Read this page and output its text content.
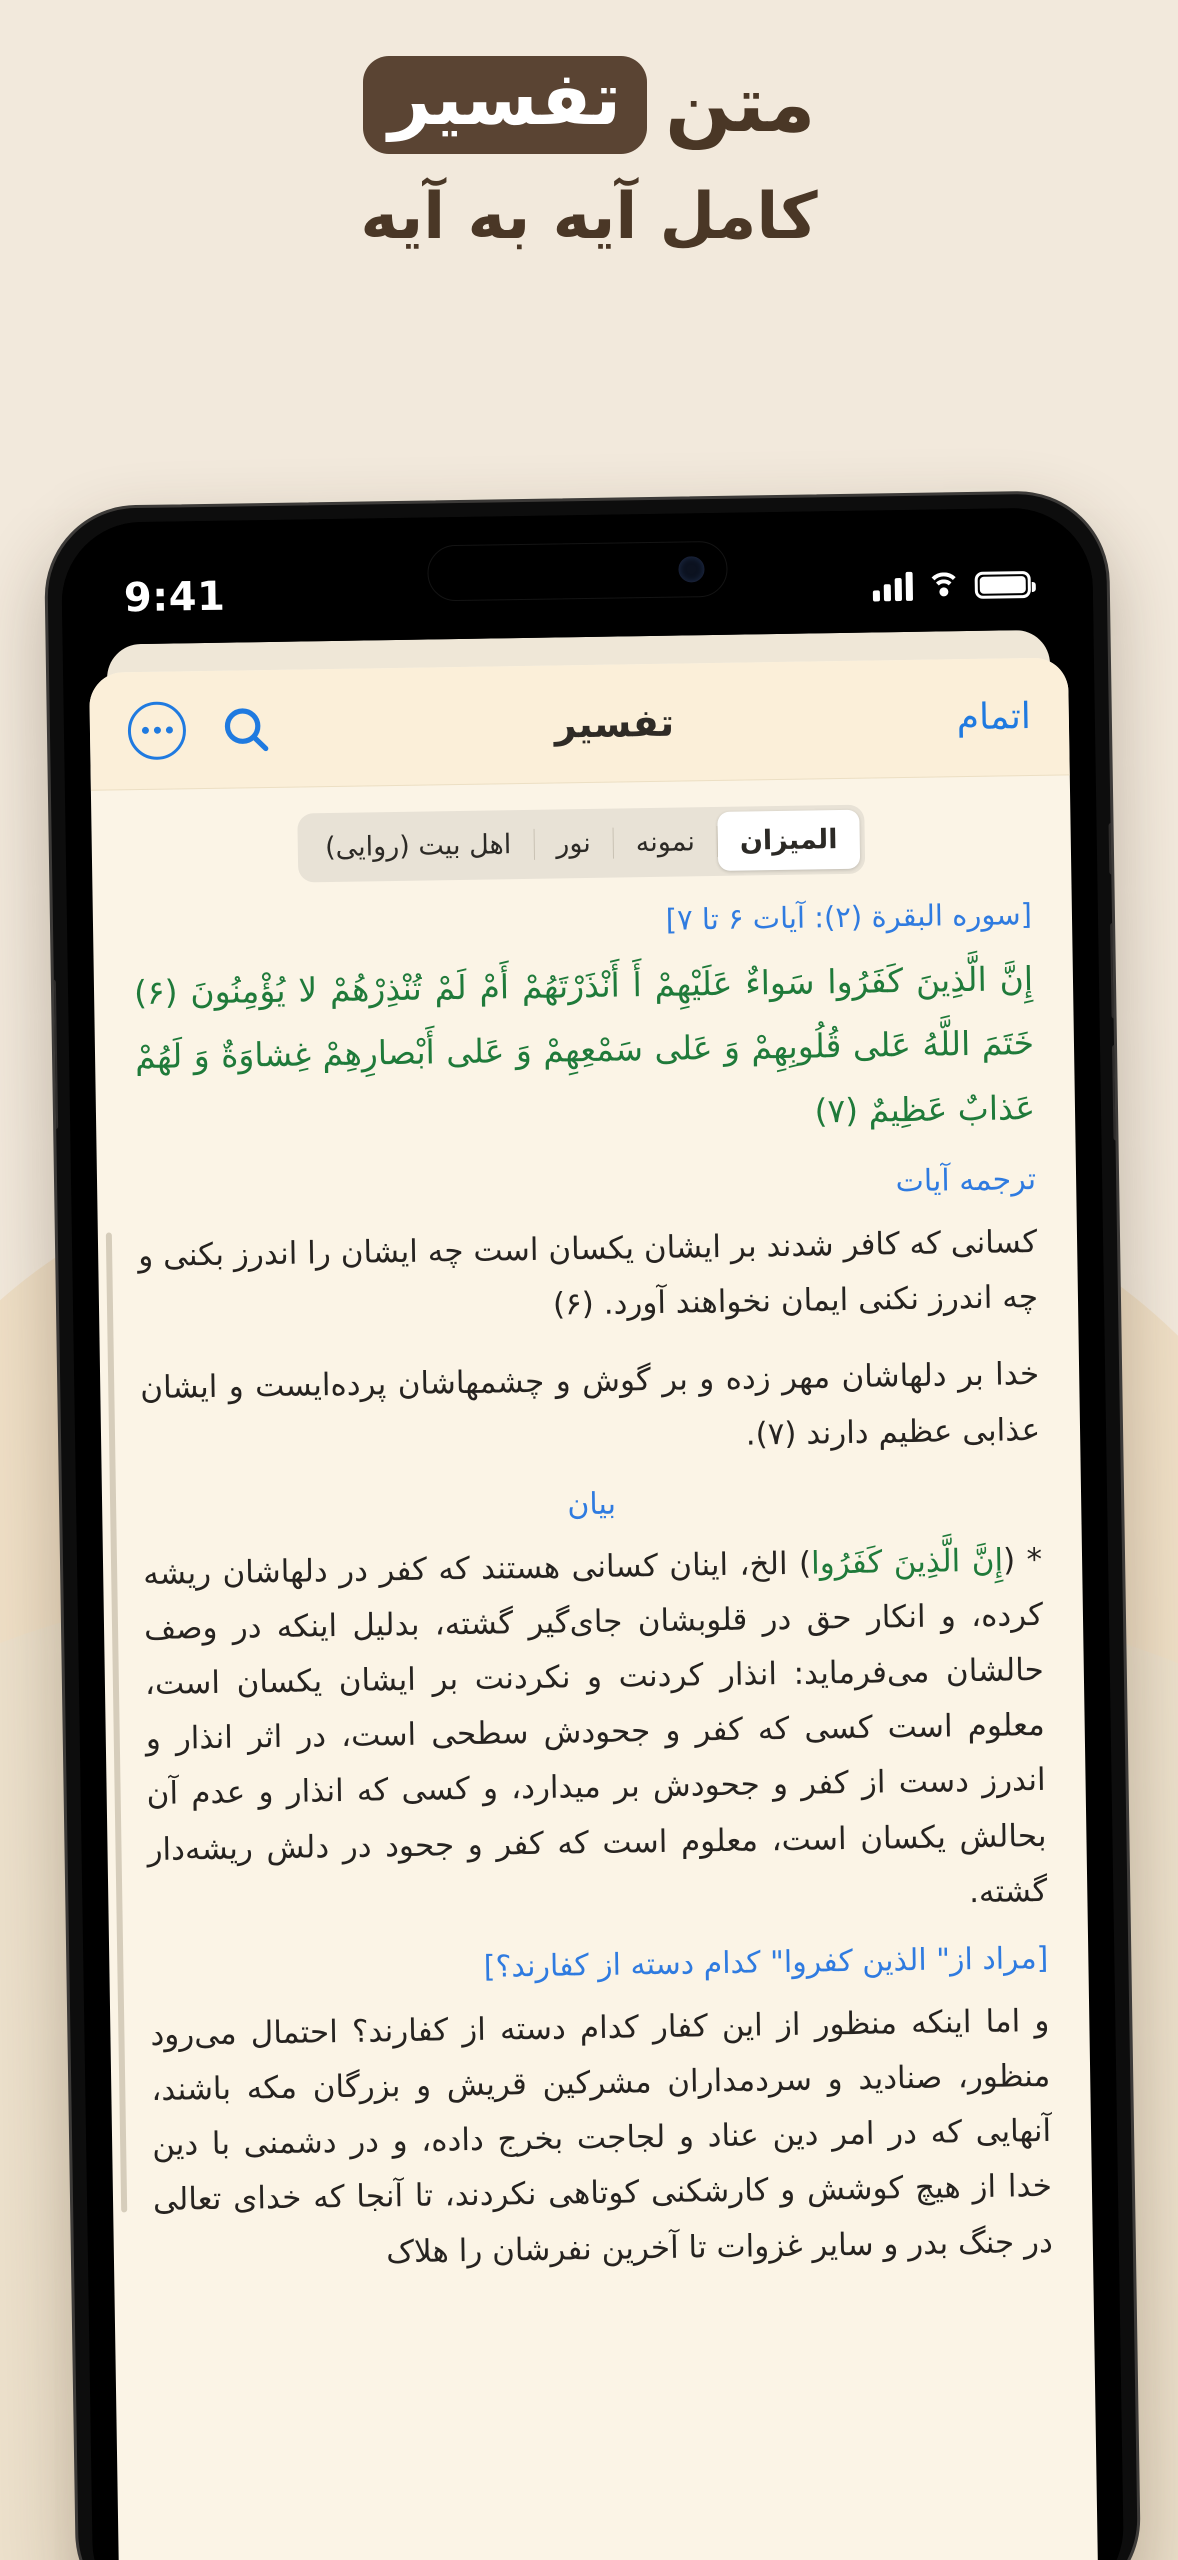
متن
تفسیر
کامل آیه به آیه
9:41
اتمام
تفسیر
المیزان
نمونه
نور
اهل بیت (روایی)
[سوره البقرة (۲): آیات ۶ تا ۷]
إِنَّ الَّذِینَ کَفَرُوا سَواءٌ عَلَیْهِمْ أَ أَنْذَرْتَهُمْ أَمْ لَمْ تُنْذِرْهُمْ لا یُؤْمِنُونَ (۶) خَتَمَ اللَّهُ عَلی‌ قُلُوبِهِمْ وَ عَلی‌ سَمْعِهِمْ وَ عَلی‌ أَبْصارِهِمْ غِشاوَةٌ وَ لَهُمْ عَذابٌ عَظِیمٌ (۷)
ترجمه آیات
کسانی که کافر شدند بر ایشان یکسان است چه ایشان را اندرز بکنی و چه اندرز نکنی ایمان نخواهند آورد. (۶)
خدا بر دلهاشان مهر زده و بر گوش و چشمهاشان پرده‌ایست و ایشان عذابی عظیم دارند (۷).
بیان
* (إِنَّ الَّذِینَ کَفَرُوا) الخ، اینان کسانی هستند که کفر در دلهاشان ریشه کرده، و انکار حق در قلوبشان جای‌گیر گشته، بدلیل اینکه در وصف حالشان می‌فرماید: انذار کردنت و نکردنت بر ایشان یکسان است، معلوم است کسی که کفر و جحودش سطحی است، در اثر انذار و اندرز دست از کفر و جحودش بر میدارد، و کسی که انذار و عدم آن بحالش یکسان است، معلوم است که کفر و جحود در دلش ریشه‌دار گشته.
[مراد از" الذین کفروا" کدام دسته از کفارند؟]
و اما اینکه منظور از این کفار کدام دسته از کفارند؟ احتمال می‌رود منظور، صنادید و سردمداران مشرکین قریش و بزرگان مکه باشند، آنهایی که در امر دین عناد و لجاجت بخرج داده، و در دشمنی با دین خدا از هیچ کوشش و کارشکنی کوتاهی نکردند، تا آنجا که خدای تعالی در جنگ بدر و سایر غزوات تا آخرین نفرشان را هلاک
